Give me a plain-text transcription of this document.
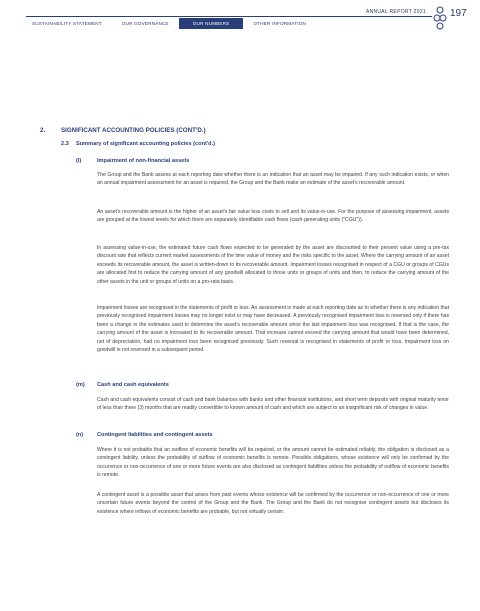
SUSTAINABILITY STATEMENT	OUR GOVERNANCE	OUR NUMBERS	OTHER INFORMATION
ANNUAL REPORT 2021 197
2.	SIGNIFICANT ACCOUNTING POLICIES (CONT'D.)
2.3 Summary of significant accounting policies (cont'd.)
(l)	Impairment of non-financial assets
The Group and the Bank assess at each reporting date whether there is an indication that an asset may be impaired. If any such indication exists, or when an annual impairment assessment for an asset is required, the Group and the Bank make an estimate of the asset's recoverable amount.
An asset's recoverable amount is the higher of an asset's fair value less costs to sell and its value-in-use. For the purpose of assessing impairment, assets are grouped at the lowest levels for which there are separately identifiable cash flows (cash-generating units ("CGU")).
In assessing value-in-use, the estimated future cash flows expected to be generated by the asset are discounted to their present value using a pre-tax discount rate that reflects current market assessments of the time value of money and the risks specific to the asset. Where the carrying amount of an asset exceeds its recoverable amount, the asset is written-down to its recoverable amount. Impairment losses recognised in respect of a CGU or groups of CGUs are allocated first to reduce the carrying amount of any goodwill allocated to those units or groups of units and then, to reduce the carrying amount of the other assets in the unit or groups of units on a pro-rata basis.
Impairment losses are recognised in the statements of profit or loss. An assessment is made at each reporting date as to whether there is any indication that previously recognised impairment losses may no longer exist or may have decreased. A previously recognised impairment loss is reversed only if there has been a change in the estimates used to determine the asset's recoverable amount since the last impairment loss was recognised. If that is the case, the carrying amount of the asset is increased to its recoverable amount. That increase cannot exceed the carrying amount that would have been determined, net of depreciation, had no impairment loss been recognised previously. Such reversal is recognised in statements of profit or loss. Impairment loss on goodwill is not reversed in a subsequent period.
(m) Cash and cash equivalents
Cash and cash equivalents consist of cash and bank balances with banks and other financial institutions, and short term deposits with original maturity tenor of less than three (3) months that are readily convertible to known amount of cash and which are subject to an insignificant risk of changes in value.
(n) Contingent liabilities and contingent assets
Where it is not probable that an outflow of economic benefits will be required, or the amount cannot be estimated reliably, the obligation is disclosed as a contingent liability, unless the probability of outflow of economic benefits is remote. Possible obligations, whose existence will only be confirmed by the occurrence or non-occurrence of one or more future events are also disclosed as contingent liabilities unless the probability of outflow of economic benefits is remote.
A contingent asset is a possible asset that arises from past events whose existence will be confirmed by the occurrence or non-occurrence of one or more uncertain future events beyond the control of the Group and the Bank. The Group and the Bank do not recognise contingent assets but discloses its existence where inflows of economic benefits are probable, but not virtually certain.
